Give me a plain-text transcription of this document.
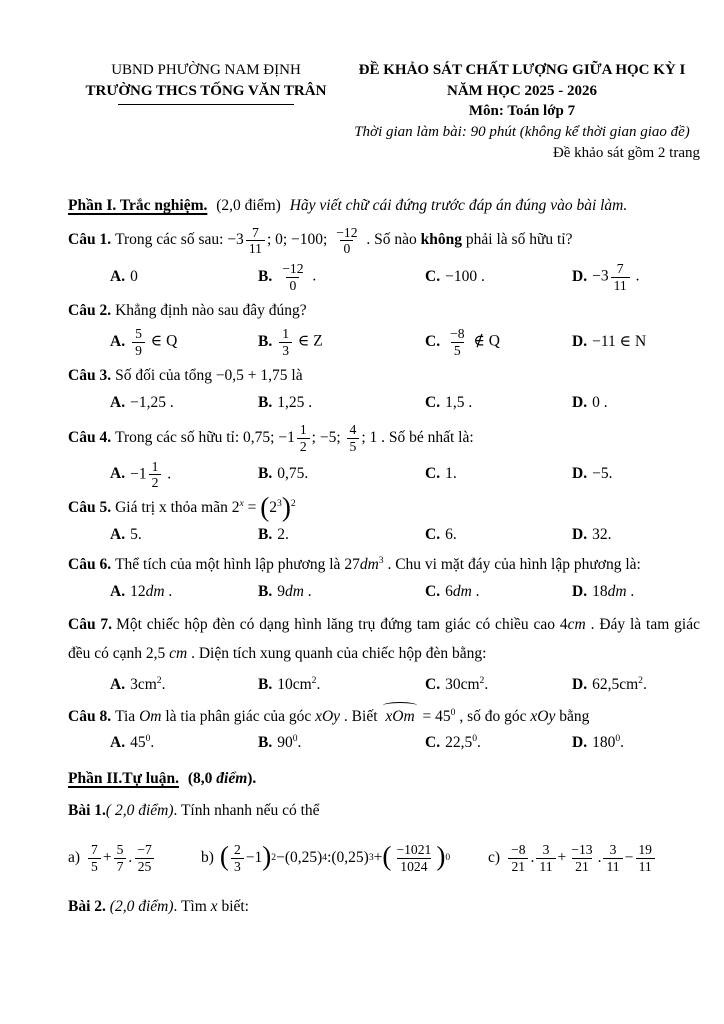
UBND PHƯỜNG NAM ĐỊNH
TRƯỜNG THCS TỐNG VĂN TRÂN
ĐỀ KHẢO SÁT CHẤT LƯỢNG GIỮA HỌC KỲ I
NĂM HỌC 2025 - 2026
Môn: Toán lớp 7
Thời gian làm bài: 90 phút (không kể thời gian giao đề)
Đề khảo sát gồm 2 trang
Phần I. Trắc nghiệm. (2,0 điểm) Hãy viết chữ cái đứng trước đáp án đúng vào bài làm.
Câu 1. Trong các số sau: $-3 \frac{7}{11}$ ; 0; −100; $\frac{-12}{0}$ . Số nào không phải là số hữu tỉ?
A. 0	B. $\frac{-12}{0}$ .	C. −100 .	D. $-3 \frac{7}{11}$ .
Câu 2. Khẳng định nào sau đây đúng?
A. $\frac{5}{9}$ ∈ Q	B. $\frac{1}{3}$ ∈ Z	C. $\frac{-8}{5}$ ∉ Q	D. −11 ∈ N
Câu 3. Số đối của tổng −0,5 + 1,75 là
A. −1,25 .	B. 1,25 .	C. 1,5 .	D. 0 .
Câu 4. Trong các số hữu tỉ: 0,75; $-1 \frac{1}{2}$ ; −5; $\frac{4}{5}$ ; 1 . Số bé nhất là:
A. $-1 \frac{1}{2}$ .	B. 0,75.	C. 1.	D. −5.
Câu 5. Giá trị x thỏa mãn $2^x = (2^3)^2$
A. 5.	B. 2.	C. 6.	D. 32.
Câu 6. Thể tích của một hình lập phương là $27dm^3$ . Chu vi mặt đáy của hình lập phương là:
A. 12dm .	B. 9dm .	C. 6dm .	D. 18dm .
Câu 7. Một chiếc hộp đèn có dạng hình lăng trụ đứng tam giác có chiều cao 4cm . Đáy là tam giác đều có cạnh 2,5 cm . Diện tích xung quanh của chiếc hộp đèn bằng:
A. $3cm^2$.	B. $10cm^2$.	C. $30cm^2$.	D. $62,5cm^2$.
Câu 8. Tia Om là tia phân giác của góc xOy . Biết xOm = $45^0$ , số đo góc xOy bằng
A. $45^0$.	B. $90^0$.	C. 22,5$^0$.	D. $180^0$.
Phần II.Tự luận. (8,0 điểm).
Bài 1.( 2,0 điểm). Tính nhanh nếu có thể
$a) \frac{7}{5} + \frac{5}{7}$ . $\frac{-7}{25}$	b) ( $\frac{2}{3} -1$ ) 2 −(0,25) 4 :(0,25) 3 + ( $\frac{-1021}{1024}$ ) 0 $c) \frac{-8}{21}$ . $\frac{3}{11} + \frac{-13}{21}$ . $\frac{3}{11} - \frac{19}{11}$
Bài 2. (2,0 điểm). Tìm x biết:
